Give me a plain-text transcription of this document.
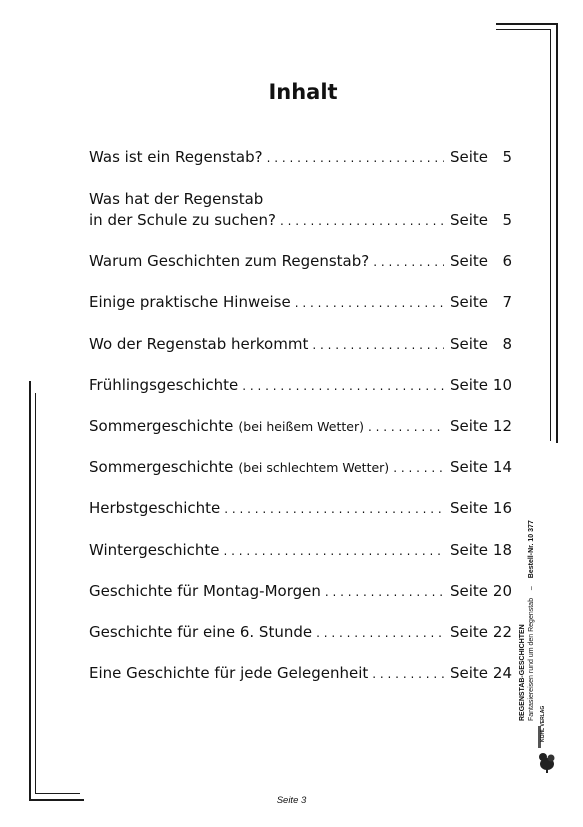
Inhalt
Was ist ein Regenstab? . . .	Seite 5
Was hat der Regenstab
in der Schule zu suchen? . . .	Seite 5
Warum Geschichten zum Regenstab? . . .	Seite 6
Einige praktische Hinweise . . .	Seite 7
Wo der Regenstab herkommt . . .	Seite 8
Frühlingsgeschichte . . .	Seite 10
Sommergeschichte (bei heißem Wetter) . . .	Seite 12
Sommergeschichte (bei schlechtem Wetter) . . .	Seite 14
Herbstgeschichte . . .	Seite 16
Wintergeschichte . . .	Seite 18
Geschichte für Montag-Morgen . . .	Seite 20
Geschichte für eine 6. Stunde . . .	Seite 22
Eine Geschichte für jede Gelegenheit . . .	Seite 24 REGENSTAB-GESCHICHTEN Fantasiereisen rund um den Regenstab – Bestell-Nr. 10 377
KOHL VERLAG
Seite 3
